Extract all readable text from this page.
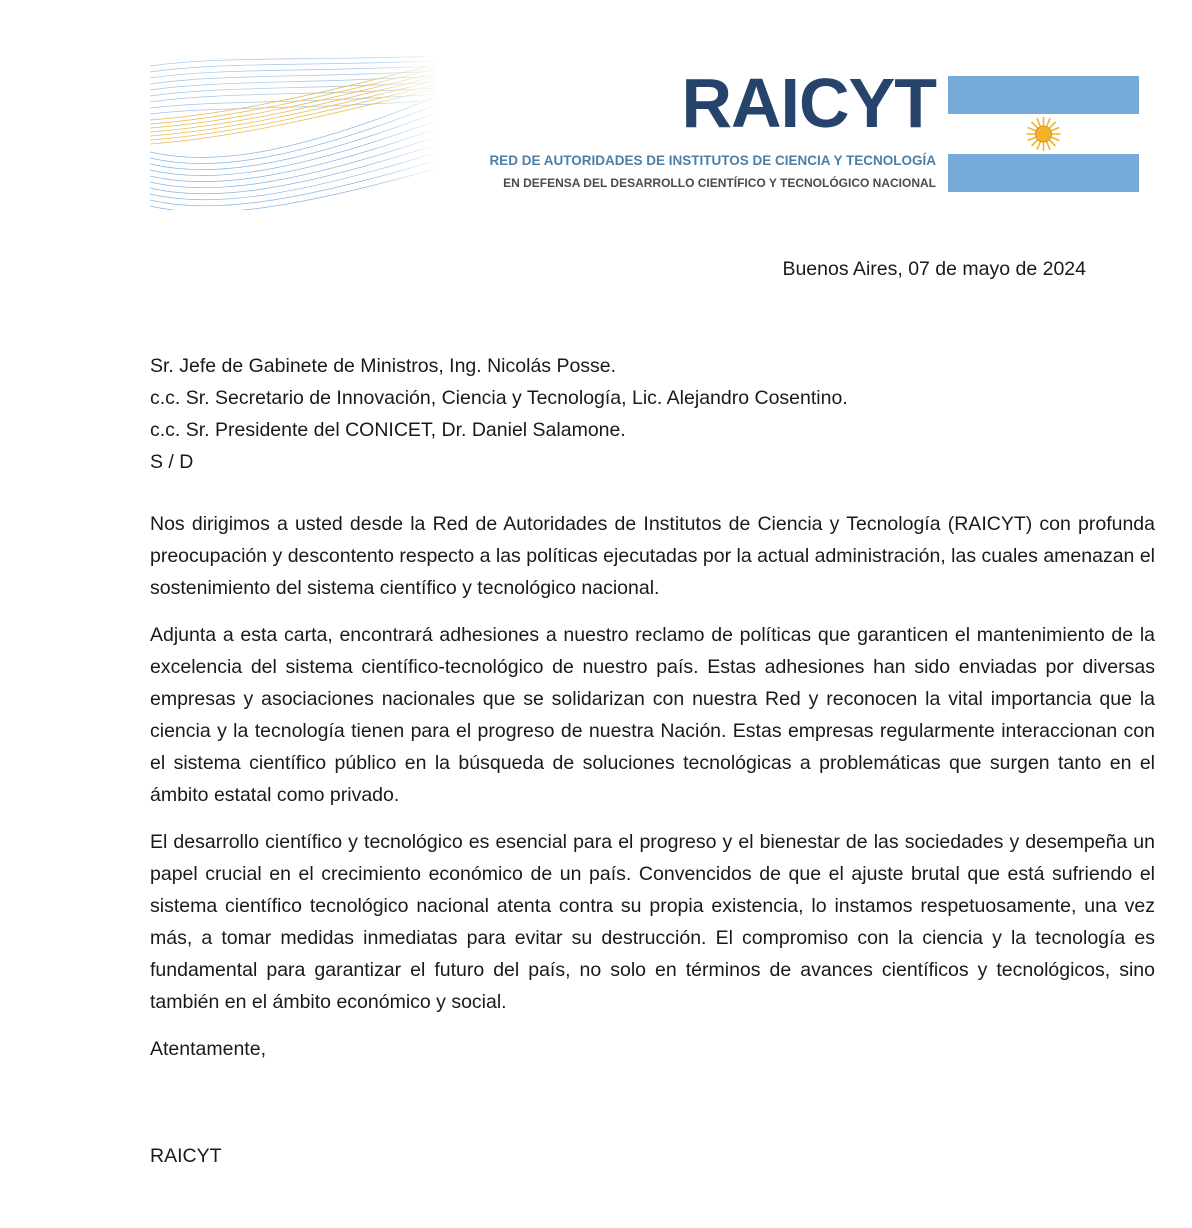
RAICYT
RED DE AUTORIDADES DE INSTITUTOS DE CIENCIA Y TECNOLOGÍA
EN DEFENSA DEL DESARROLLO CIENTÍFICO Y TECNOLÓGICO NACIONAL
Buenos Aires, 07 de mayo de 2024

Sr. Jefe de Gabinete de Ministros, Ing. Nicolás Posse.

c.c. Sr. Secretario de Innovación, Ciencia y Tecnología, Lic. Alejandro Cosentino.

c.c. Sr. Presidente del CONICET, Dr. Daniel Salamone.

S / D

Nos dirigimos a usted desde la Red de Autoridades de Institutos de Ciencia y Tecnología (RAICYT) con profunda preocupación y descontento respecto a las políticas ejecutadas por la actual administración, las cuales amenazan el sostenimiento del sistema científico y tecnológico nacional.

Adjunta a esta carta, encontrará adhesiones a nuestro reclamo de políticas que garanticen el mantenimiento de la excelencia del sistema científico-tecnológico de nuestro país. Estas adhesiones han sido enviadas por diversas empresas y asociaciones nacionales que se solidarizan con nuestra Red y reconocen la vital importancia que la ciencia y la tecnología tienen para el progreso de nuestra Nación. Estas empresas regularmente interaccionan con el sistema científico público en la búsqueda de soluciones tecnológicas a problemáticas que surgen tanto en el ámbito estatal como privado.

El desarrollo científico y tecnológico es esencial para el progreso y el bienestar de las sociedades y desempeña un papel crucial en el crecimiento económico de un país. Convencidos de que el ajuste brutal que está sufriendo el sistema científico tecnológico nacional atenta contra su propia existencia, lo instamos respetuosamente, una vez más, a tomar medidas inmediatas para evitar su destrucción. El compromiso con la ciencia y la tecnología es fundamental para garantizar el futuro del país, no solo en términos de avances científicos y tecnológicos, sino también en el ámbito económico y social.

Atentamente,

RAICYT
